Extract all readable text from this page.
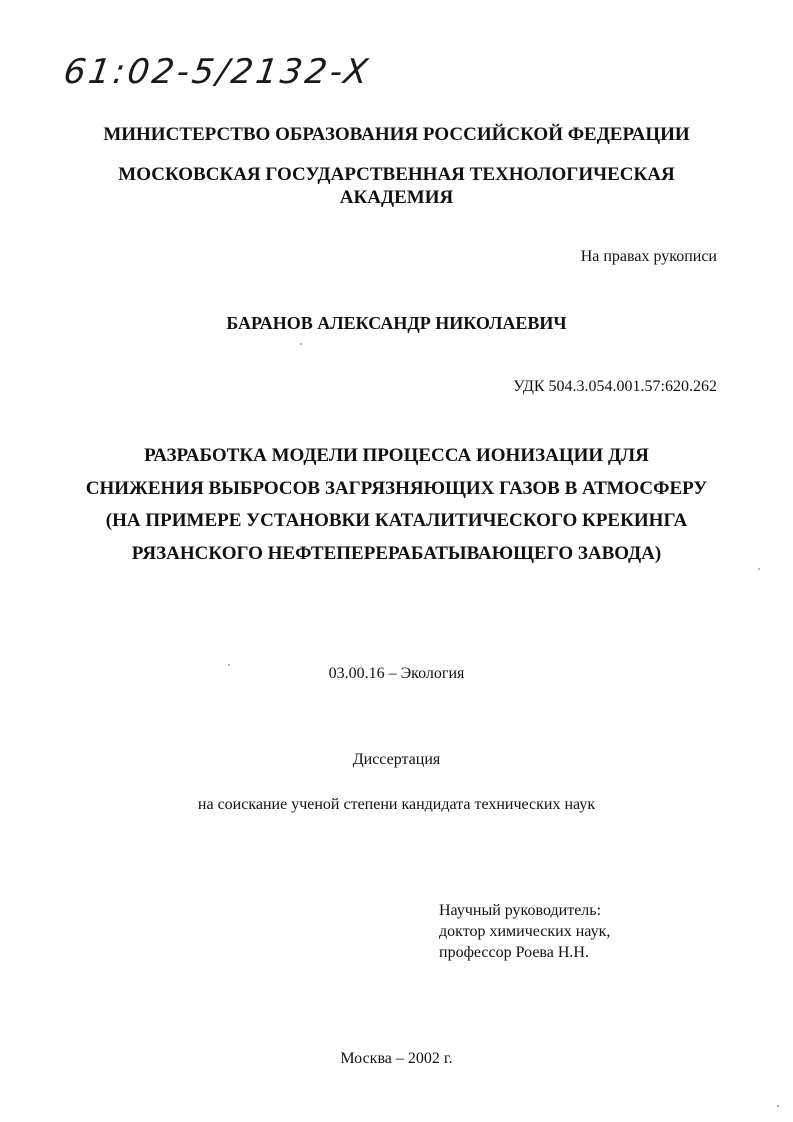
61:02-5/2132-X
МИНИСТЕРСТВО ОБРАЗОВАНИЯ РОССИЙСКОЙ ФЕДЕРАЦИИ
МОСКОВСКАЯ ГОСУДАРСТВЕННАЯ ТЕХНОЛОГИЧЕСКАЯ
АКАДЕМИЯ
На правах рукописи
БАРАНОВ АЛЕКСАНДР НИКОЛАЕВИЧ
УДК 504.3.054.001.57:620.262
РАЗРАБОТКА МОДЕЛИ ПРОЦЕССА ИОНИЗАЦИИ ДЛЯ
СНИЖЕНИЯ ВЫБРОСОВ ЗАГРЯЗНЯЮЩИХ ГАЗОВ В АТМОСФЕРУ
(НА ПРИМЕРЕ УСТАНОВКИ КАТАЛИТИЧЕСКОГО КРЕКИНГА
РЯЗАНСКОГО НЕФТЕПЕРЕРАБАТЫВАЮЩЕГО ЗАВОДА)
03.00.16 – Экология
Диссертация
на соискание ученой степени кандидата технических наук
Научный руководитель:
доктор химических наук,
профессор Роева Н.Н.
Москва – 2002 г.
